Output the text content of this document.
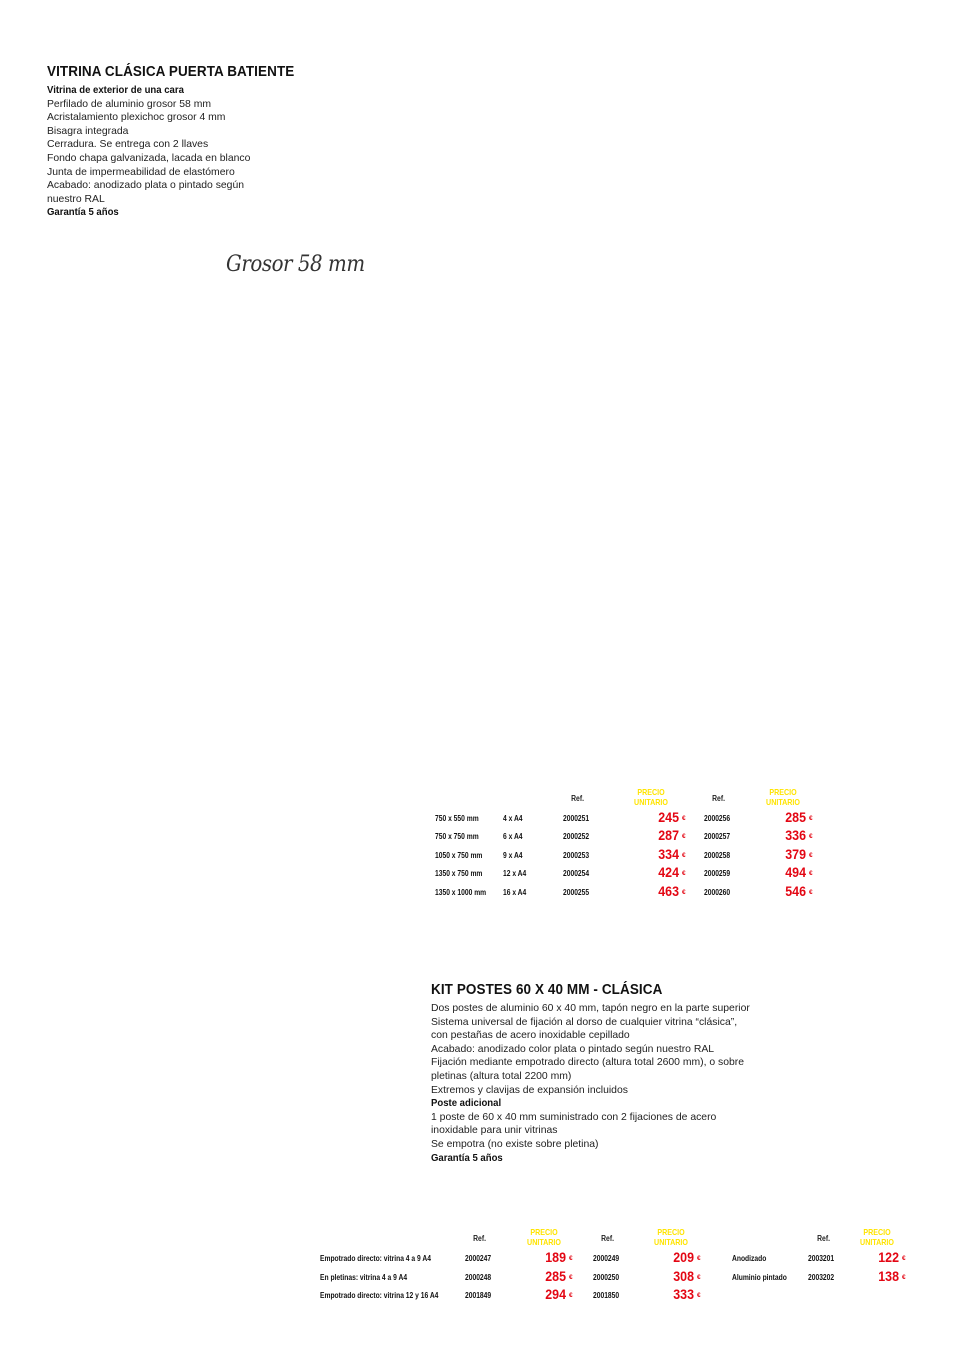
VITRINA CLÁSICA PUERTA BATIENTE
Vitrina de exterior de una cara
Perfilado de aluminio grosor 58 mm
Acristalamiento plexichoc grosor 4 mm
Bisagra integrada
Cerradura. Se entrega con 2 llaves
Fondo chapa galvanizada, lacada en blanco
Junta de impermeabilidad de elastómero
Acabado: anodizado plata o pintado según
nuestro RAL
Garantía 5 años
Grosor 58 mm
Ref.
PRECIO
UNITARIO	Ref.
PRECIO
UNITARIO
750 x 550 mm	4 x A4	2000251	245 € 2000256	285 €
750 x 750 mm	6 x A4	2000252	287 € 2000257	336 €
1050 x 750 mm	9 x A4	2000253	334 € 2000258	379 €
1350 x 750 mm	12 x A4	2000254	424 € 2000259	494 €
1350 x 1000 mm 16 x A4	2000255	463 € 2000260	546 €
KIT POSTES 60 X 40 MM - CLÁSICA
Dos postes de aluminio 60 x 40 mm, tapón negro en la parte superior
Sistema universal de fijación al dorso de cualquier vitrina “clásica”,
con pestañas de acero inoxidable cepillado
Acabado: anodizado color plata o pintado según nuestro RAL
Fijación mediante empotrado directo (altura total 2600 mm), o sobre
pletinas (altura total 2200 mm)
Extremos y clavijas de expansión incluidos
Poste adicional
1 poste de 60 x 40 mm suministrado con 2 fijaciones de acero
inoxidable para unir vitrinas
Se empotra (no existe sobre pletina)
Garantía 5 años
Ref.
PRECIO
UNITARIO	Ref.
PRECIO
UNITARIO
Empotrado directo: vitrina 4 a 9 A4	2000247	189 € 2000249	209 €
En pletinas: vitrina 4 a 9 A4	2000248	285 € 2000250	308 €
Empotrado directo: vitrina 12 y 16 A4	2001849	294 € 2001850	333 €
Ref.
PRECIO
UNITARIO
Anodizado	2003201	122 €
Aluminio pintado	2003202	138 €
